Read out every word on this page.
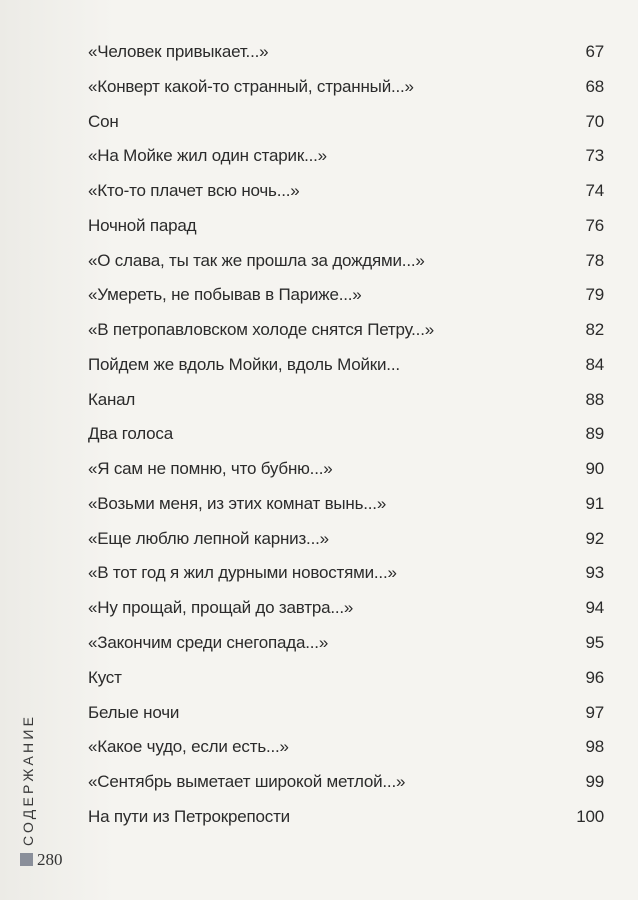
«Человек привыкает...»	67
«Конверт какой-то странный, странный...»	68
Сон	70
«На Мойке жил один старик...»	73
«Кто-то плачет всю ночь...»	74
Ночной парад	76
«О слава, ты так же прошла за дождями...»	78
«Умереть, не побывав в Париже...»	79
«В петропавловском холоде снятся Петру...»	82
Пойдем же вдоль Мойки, вдоль Мойки...	84
Канал	88
Два голоса	89
«Я сам не помню, что бубню...»	90
«Возьми меня, из этих комнат вынь...»	91
«Еще люблю лепной карниз...»	92
«В тот год я жил дурными новостями...»	93
«Ну прощай, прощай до завтра...»	94
«Закончим среди снегопада...»	95
Куст	96
Белые ночи	97
«Какое чудо, если есть...»	98
«Сентябрь выметает широкой метлой...»	99
На пути из Петрокрепости	100
СОДЕРЖАНИЕ
280
